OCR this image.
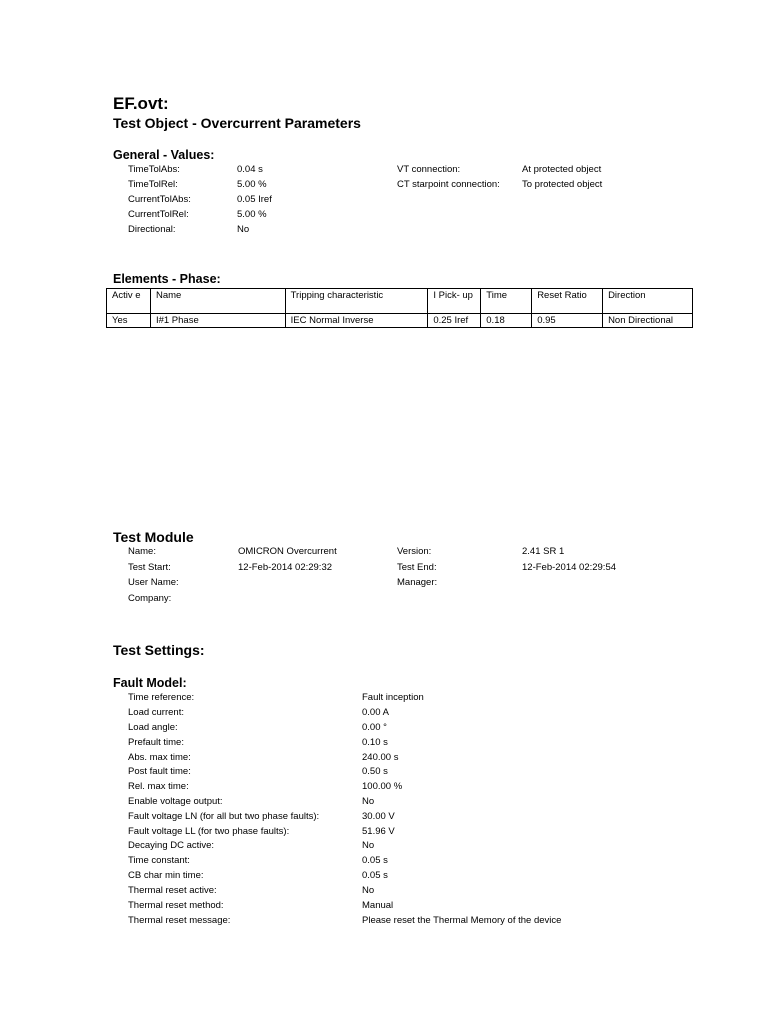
EF.ovt:
Test Object - Overcurrent Parameters
General - Values:
TimeTolAbs:	0.04 s
TimeTolRel:	5.00 %
CurrentTolAbs:	0.05 Iref
CurrentTolRel:	5.00 %
Directional:	No
VT connection:	At protected object
CT starpoint connection: To protected object
Elements - Phase:
Activ e	Name	Tripping characteristic	I Pick- up	Time	Reset Ratio	Direction
Yes	I#1 Phase	IEC Normal Inverse	0.25 Iref	0.18	0.95	Non Directional
Test Module
Name:	OMICRON Overcurrent
Test Start:	12-Feb-2014 02:29:32
User Name:
Company:
Version:	2.41 SR 1
Test End:	12-Feb-2014 02:29:54
Manager:
Test Settings:
Fault Model:
Time reference:	Fault inception
Load current:	0.00 A
Load angle:	0.00 °
Prefault time:	0.10 s
Abs. max time:	240.00 s
Post fault time:	0.50 s
Rel. max time:	100.00 %
Enable voltage output:	No
Fault voltage LN (for all but two phase faults):	30.00 V
Fault voltage LL (for two phase faults):	51.96 V
Decaying DC active:	No
Time constant:	0.05 s
CB char min time:	0.05 s
Thermal reset active:	No
Thermal reset method:	Manual
Thermal reset message:	Please reset the Thermal Memory of the device
